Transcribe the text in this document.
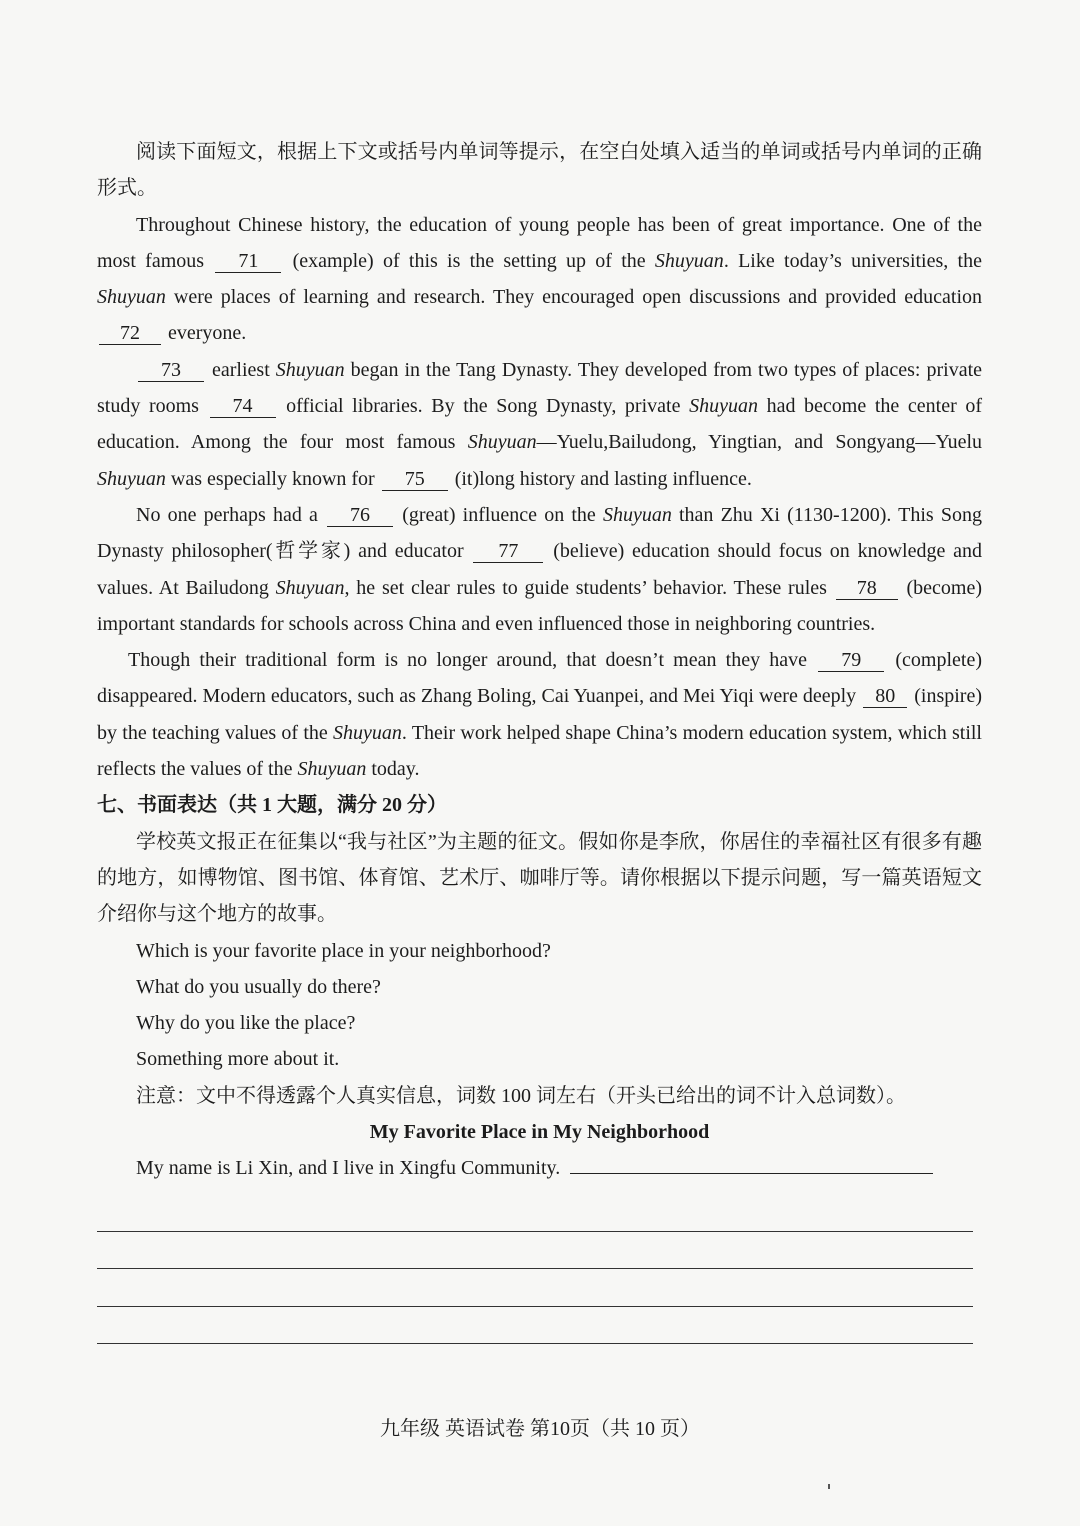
阅读下面短文，根据上下文或括号内单词等提示，在空白处填入适当的单词或括号内单词的正确形式。

Throughout Chinese history, the education of young people has been of great importance. One of the most famous 71 (example) of this is the setting up of the Shuyuan. Like today’s universities, the Shuyuan were places of learning and research. They encouraged open discussions and provided education 72 everyone.

73 earliest Shuyuan began in the Tang Dynasty. They developed from two types of places: private study rooms 74 official libraries. By the Song Dynasty, private Shuyuan had become the center of education. Among the four most famous Shuyuan—Yuelu,Bailudong, Yingtian, and Songyang—Yuelu Shuyuan was especially known for 75 (it)long history and lasting influence.

No one perhaps had a 76 (great) influence on the Shuyuan than Zhu Xi (1130-1200). This Song Dynasty philosopher(哲学家) and educator 77 (believe) education should focus on knowledge and values. At Bailudong Shuyuan, he set clear rules to guide students’ behavior. These rules 78 (become) important standards for schools across China and even influenced those in neighboring countries.

Though their traditional form is no longer around, that doesn’t mean they have 79 (complete) disappeared. Modern educators, such as Zhang Boling, Cai Yuanpei, and Mei Yiqi were deeply 80 (inspire) by the teaching values of the Shuyuan. Their work helped shape China’s modern education system, which still reflects the values of the Shuyuan today.

七、书面表达（共 1 大题，满分 20 分）

学校英文报正在征集以“我与社区”为主题的征文。假如你是李欣，你居住的幸福社区有很多有趣的地方，如博物馆、图书馆、体育馆、艺术厅、咖啡厅等。请你根据以下提示问题，写一篇英语短文介绍你与这个地方的故事。

Which is your favorite place in your neighborhood?

What do you usually do there?

Why do you like the place?

Something more about it.

注意：文中不得透露个人真实信息，词数 100 词左右（开头已给出的词不计入总词数）。

My Favorite Place in My Neighborhood

My name is Li Xin, and I live in Xingfu Community.

九年级 英语试卷 第10页（共 10 页）
